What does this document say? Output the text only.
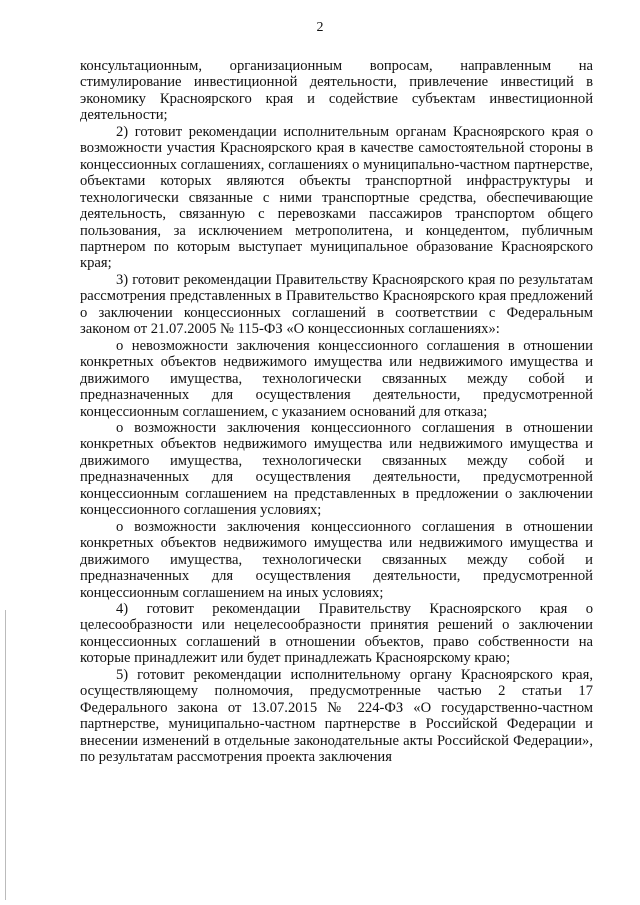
2

консультационным, организационным вопросам, направленным на стимулирование инвестиционной деятельности, привлечение инвестиций в экономику Красноярского края и содействие субъектам инвестиционной деятельности;

2) готовит рекомендации исполнительным органам Красноярского края о возможности участия Красноярского края в качестве самостоятельной стороны в концессионных соглашениях, соглашениях о муниципально-частном партнерстве, объектами которых являются объекты транспортной инфраструктуры и технологически связанные с ними транспортные средства, обеспечивающие деятельность, связанную с перевозками пассажиров транспортом общего пользования, за исключением метрополитена, и концедентом, публичным партнером по которым выступает муниципальное образование Красноярского края;

3) готовит рекомендации Правительству Красноярского края по результатам рассмотрения представленных в Правительство Красноярского края предложений о заключении концессионных соглашений в соответствии с Федеральным законом от 21.07.2005 № 115-ФЗ «О концессионных соглашениях»:

о невозможности заключения концессионного соглашения в отношении конкретных объектов недвижимого имущества или недвижимого имущества и движимого имущества, технологически связанных между собой и предназначенных для осуществления деятельности, предусмотренной концессионным соглашением, с указанием оснований для отказа;

о возможности заключения концессионного соглашения в отношении конкретных объектов недвижимого имущества или недвижимого имущества и движимого имущества, технологически связанных между собой и предназначенных для осуществления деятельности, предусмотренной концессионным соглашением на представленных в предложении о заключении концессионного соглашения условиях;

о возможности заключения концессионного соглашения в отношении конкретных объектов недвижимого имущества или недвижимого имущества и движимого имущества, технологически связанных между собой и предназначенных для осуществления деятельности, предусмотренной концессионным соглашением на иных условиях;

4) готовит рекомендации Правительству Красноярского края о целесообразности или нецелесообразности принятия решений о заключении концессионных соглашений в отношении объектов, право собственности на которые принадлежит или будет принадлежать Красноярскому краю;

5) готовит рекомендации исполнительному органу Красноярского края, осуществляющему полномочия, предусмотренные частью 2 статьи 17 Федерального закона от 13.07.2015 № 224-ФЗ «О государственно-частном партнерстве, муниципально-частном партнерстве в Российской Федерации и внесении изменений в отдельные законодательные акты Российской Федерации», по результатам рассмотрения проекта заключения
